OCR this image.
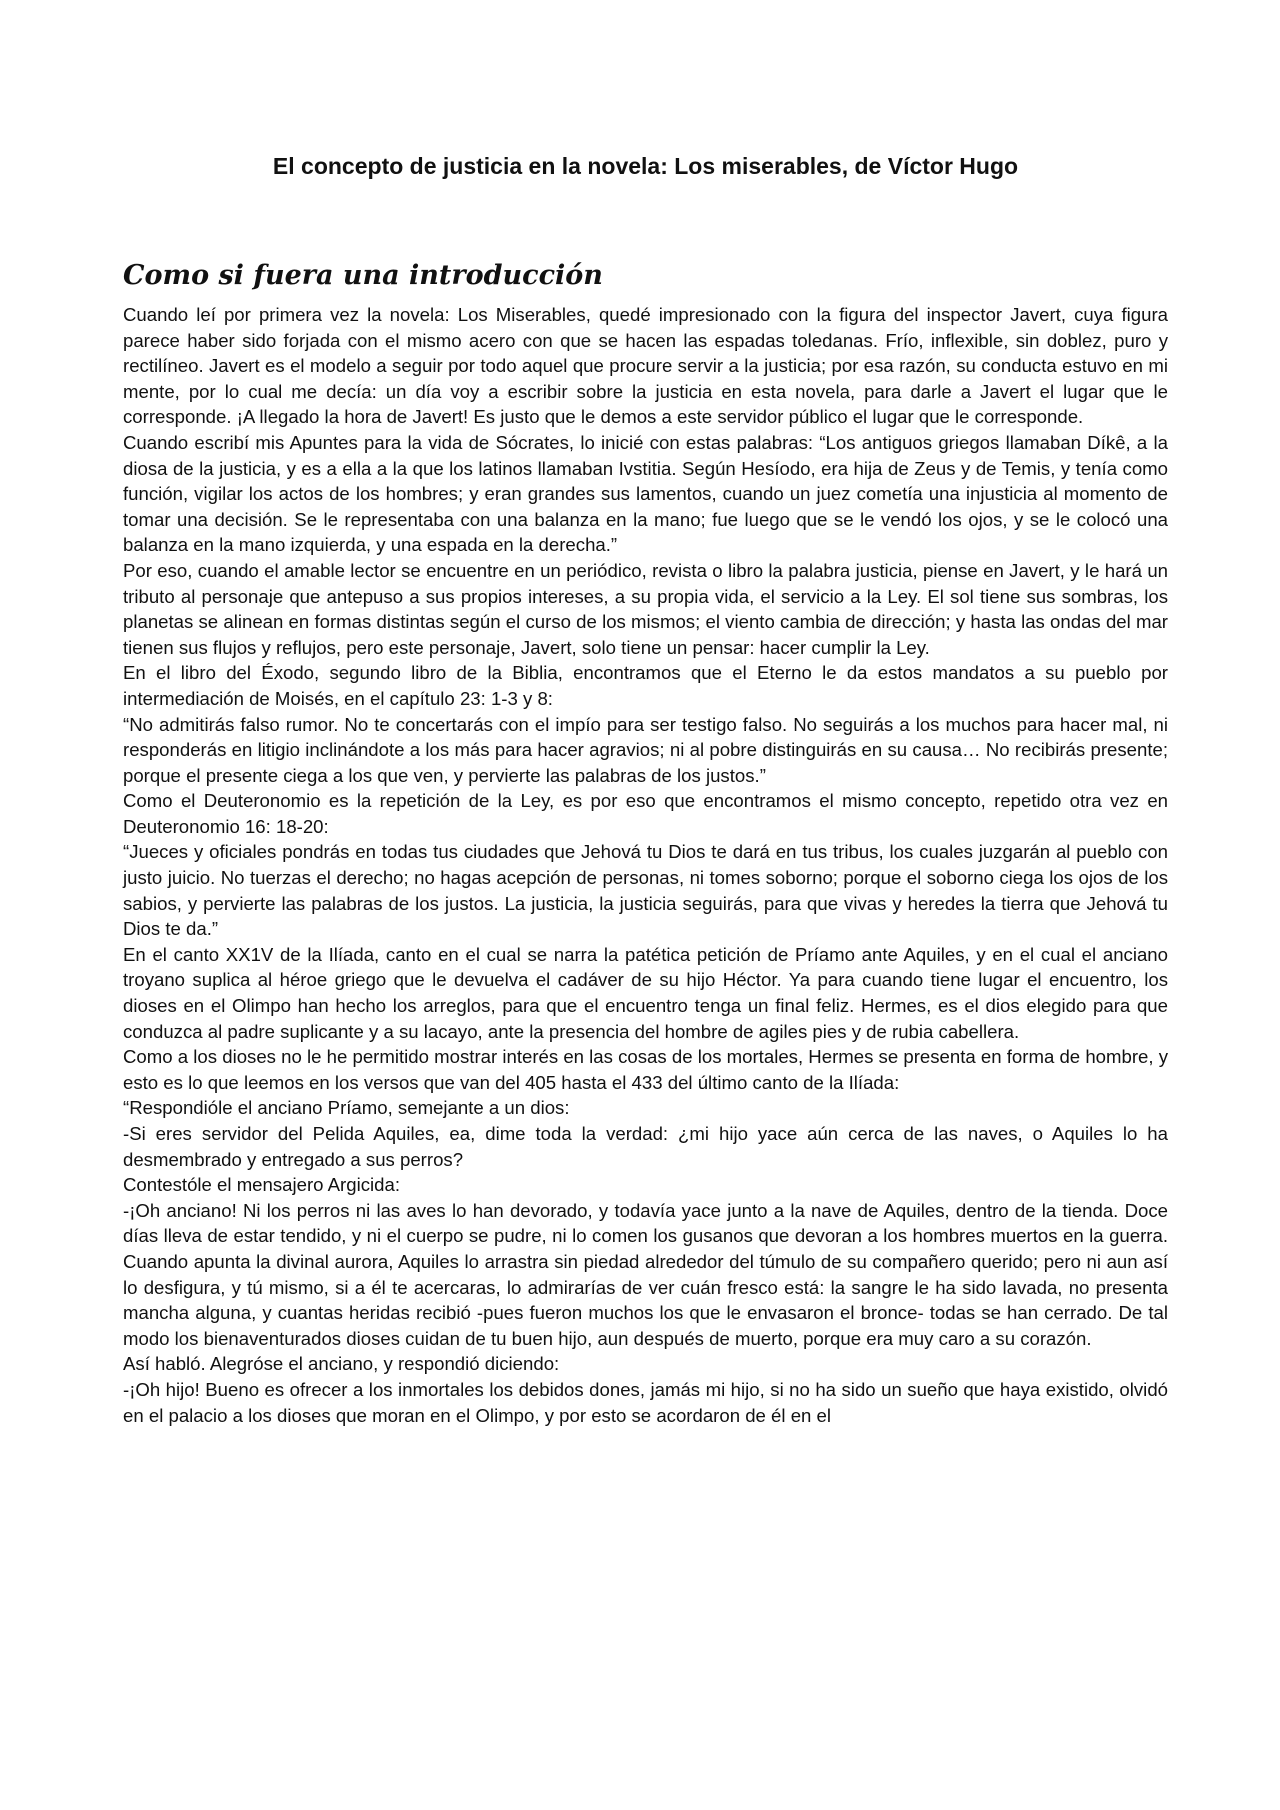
El concepto de justicia en la novela: Los miserables, de Víctor Hugo
Como si fuera una introducción

Cuando leí por primera vez la novela: Los Miserables, quedé impresionado con la figura del inspector Javert, cuya figura parece haber sido forjada con el mismo acero con que se hacen las espadas toledanas. Frío, inflexible, sin doblez, puro y rectilíneo. Javert es el modelo a seguir por todo aquel que procure servir a la justicia; por esa razón, su conducta estuvo en mi mente, por lo cual me decía: un día voy a escribir sobre la justicia en esta novela, para darle a Javert el lugar que le corresponde. ¡A llegado la hora de Javert! Es justo que le demos a este servidor público el lugar que le corresponde.

Cuando escribí mis Apuntes para la vida de Sócrates, lo inicié con estas palabras: “Los antiguos griegos llamaban Díkê, a la diosa de la justicia, y es a ella a la que los latinos llamaban Ivstitia. Según Hesíodo, era hija de Zeus y de Temis, y tenía como función, vigilar los actos de los hombres; y eran grandes sus lamentos, cuando un juez cometía una injusticia al momento de tomar una decisión. Se le representaba con una balanza en la mano; fue luego que se le vendó los ojos, y se le colocó una balanza en la mano izquierda, y una espada en la derecha.”

Por eso, cuando el amable lector se encuentre en un periódico, revista o libro la palabra justicia, piense en Javert, y le hará un tributo al personaje que antepuso a sus propios intereses, a su propia vida, el servicio a la Ley. El sol tiene sus sombras, los planetas se alinean en formas distintas según el curso de los mismos; el viento cambia de dirección; y hasta las ondas del mar tienen sus flujos y reflujos, pero este personaje, Javert, solo tiene un pensar: hacer cumplir la Ley.

En el libro del Éxodo, segundo libro de la Biblia, encontramos que el Eterno le da estos mandatos a su pueblo por intermediación de Moisés, en el capítulo 23: 1-3 y 8:

“No admitirás falso rumor. No te concertarás con el impío para ser testigo falso. No seguirás a los muchos para hacer mal, ni responderás en litigio inclinándote a los más para hacer agravios; ni al pobre distinguirás en su causa… No recibirás presente; porque el presente ciega a los que ven, y pervierte las palabras de los justos.”

Como el Deuteronomio es la repetición de la Ley, es por eso que encontramos el mismo concepto, repetido otra vez en Deuteronomio 16: 18-20:

“Jueces y oficiales pondrás en todas tus ciudades que Jehová tu Dios te dará en tus tribus, los cuales juzgarán al pueblo con justo juicio. No tuerzas el derecho; no hagas acepción de personas, ni tomes soborno; porque el soborno ciega los ojos de los sabios, y pervierte las palabras de los justos. La justicia, la justicia seguirás, para que vivas y heredes la tierra que Jehová tu Dios te da.”

En el canto XX1V de la Ilíada, canto en el cual se narra la patética petición de Príamo ante Aquiles, y en el cual el anciano troyano suplica al héroe griego que le devuelva el cadáver de su hijo Héctor. Ya para cuando tiene lugar el encuentro, los dioses en el Olimpo han hecho los arreglos, para que el encuentro tenga un final feliz. Hermes, es el dios elegido para que conduzca al padre suplicante y a su lacayo, ante la presencia del hombre de agiles pies y de rubia cabellera.

Como a los dioses no le he permitido mostrar interés en las cosas de los mortales, Hermes se presenta en forma de hombre, y esto es lo que leemos en los versos que van del 405 hasta el 433 del último canto de la Ilíada:

“Respondióle el anciano Príamo, semejante a un dios:

-Si eres servidor del Pelida Aquiles, ea, dime toda la verdad: ¿mi hijo yace aún cerca de las naves, o Aquiles lo ha desmembrado y entregado a sus perros?

Contestóle el mensajero Argicida:

-¡Oh anciano! Ni los perros ni las aves lo han devorado, y todavía yace junto a la nave de Aquiles, dentro de la tienda. Doce días lleva de estar tendido, y ni el cuerpo se pudre, ni lo comen los gusanos que devoran a los hombres muertos en la guerra. Cuando apunta la divinal aurora, Aquiles lo arrastra sin piedad alrededor del túmulo de su compañero querido; pero ni aun así lo desfigura, y tú mismo, si a él te acercaras, lo admirarías de ver cuán fresco está: la sangre le ha sido lavada, no presenta mancha alguna, y cuantas heridas recibió -pues fueron muchos los que le envasaron el bronce- todas se han cerrado. De tal modo los bienaventurados dioses cuidan de tu buen hijo, aun después de muerto, porque era muy caro a su corazón.

Así habló. Alegróse el anciano, y respondió diciendo:

-¡Oh hijo! Bueno es ofrecer a los inmortales los debidos dones, jamás mi hijo, si no ha sido un sueño que haya existido, olvidó en el palacio a los dioses que moran en el Olimpo, y por esto se acordaron de él en el
